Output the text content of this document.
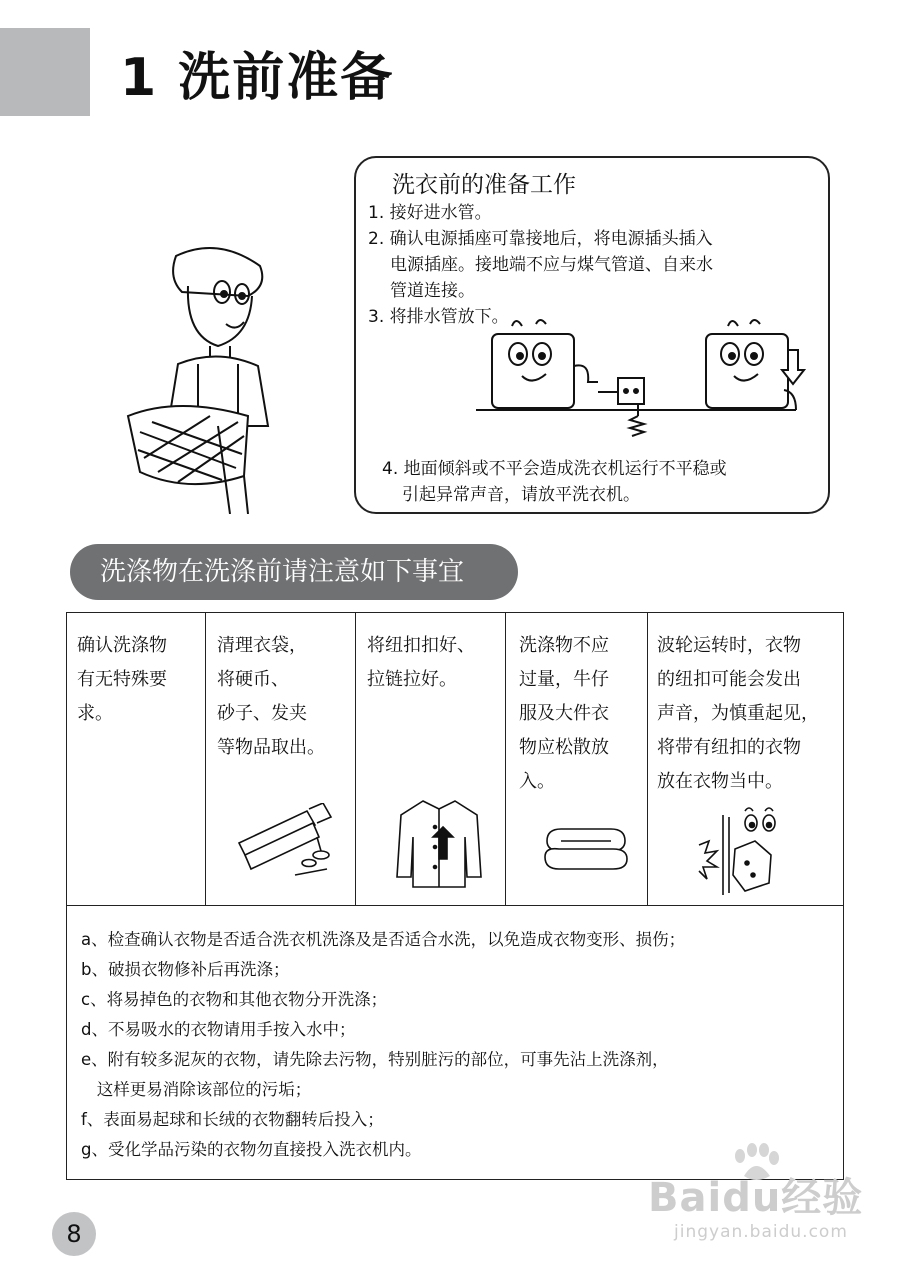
1 洗前准备
洗衣前的准备工作
1. 接好进水管。
2. 确认电源插座可靠接地后，将电源插头插入
电源插座。接地端不应与煤气管道、自来水
管道连接。
3. 将排水管放下。
4. 地面倾斜或不平会造成洗衣机运行不平稳或
引起异常声音，请放平洗衣机。
洗涤物在洗涤前请注意如下事宜
确认洗涤物
有无特殊要
求。
清理衣袋，
将硬币、
砂子、发夹
等物品取出。
将纽扣扣好、
拉链拉好。
洗涤物不应
过量，牛仔
服及大件衣
物应松散放
入。
波轮运转时，衣物
的纽扣可能会发出
声音，为慎重起见，
将带有纽扣的衣物
放在衣物当中。
a、检查确认衣物是否适合洗衣机洗涤及是否适合水洗，以免造成衣物变形、损伤；
b、破损衣物修补后再洗涤；
c、将易掉色的衣物和其他衣物分开洗涤；
d、不易吸水的衣物请用手按入水中；
e、附有较多泥灰的衣物，请先除去污物，特别脏污的部位，可事先沾上洗涤剂，
这样更易消除该部位的污垢；
f、表面易起球和长绒的衣物翻转后投入；
g、受化学品污染的衣物勿直接投入洗衣机内。
8
Baidu经验
jingyan.baidu.com
